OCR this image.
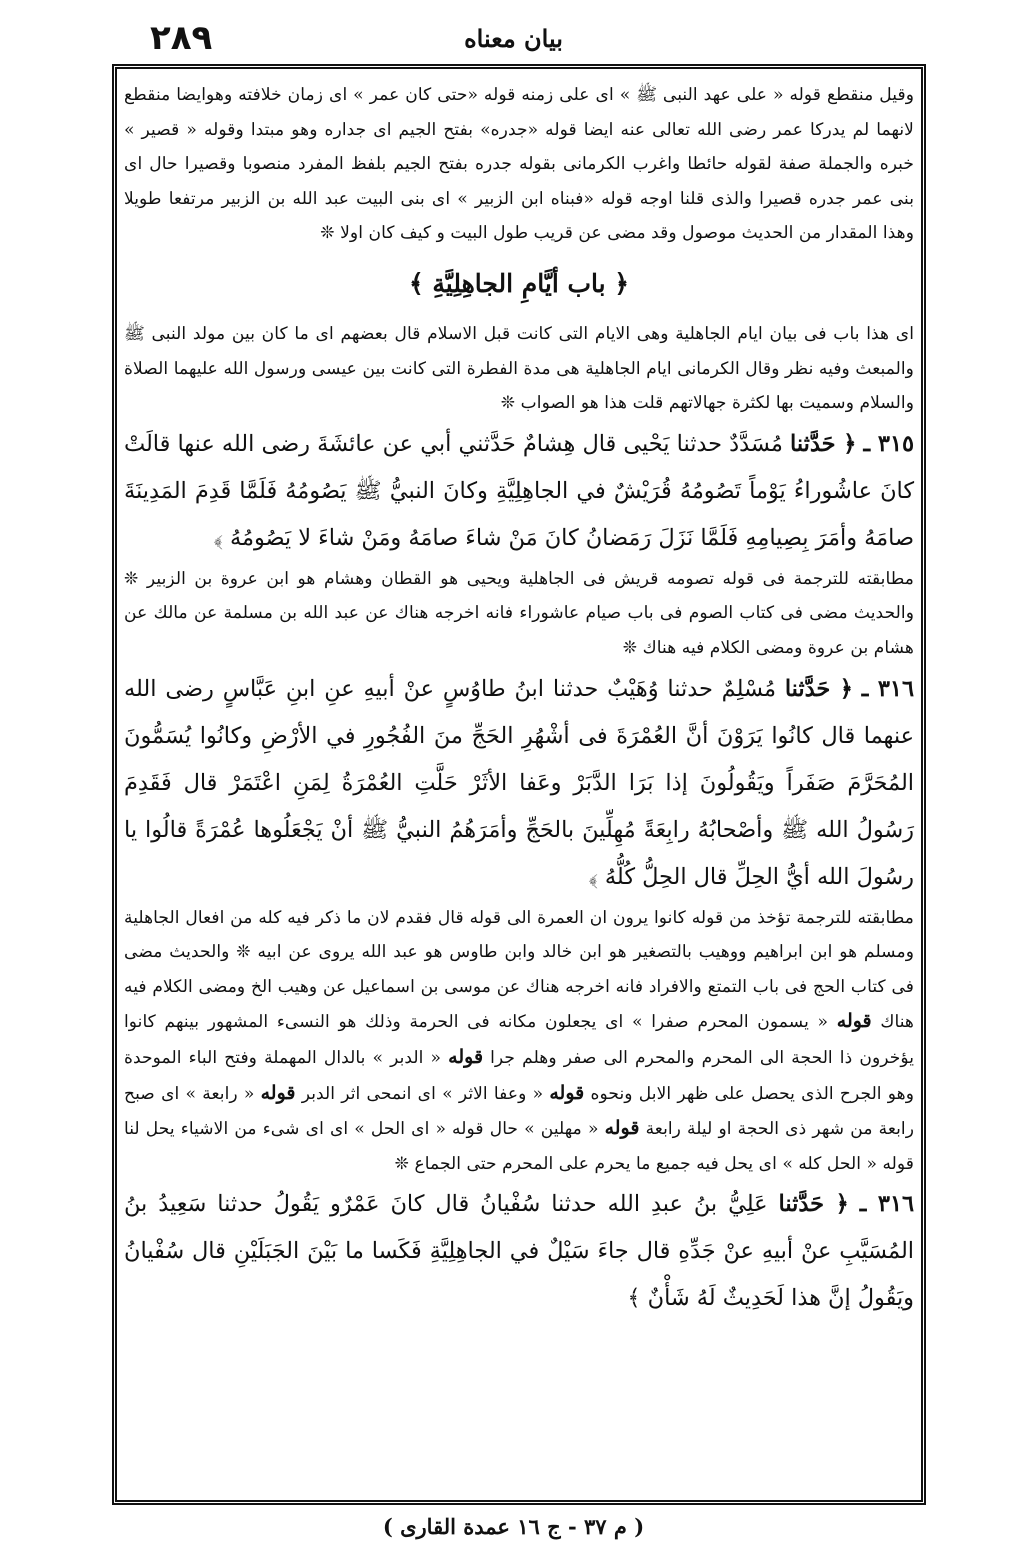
٢٨٩	بيان معناه

وقيل منقطع قوله « على عهد النبى ﷺ » اى على زمنه قوله «حتى كان عمر » اى زمان خلافته وهوايضا منقطع لانهما لم يدركا عمر رضى الله تعالى عنه ايضا قوله «جدره» بفتح الجيم اى جداره وهو مبتدا وقوله « قصير » خبره والجملة صفة لقوله حائطا واغرب الكرمانى بقوله جدره بفتح الجيم بلفظ المفرد منصوبا وقصيرا حال اى بنى عمر جدره قصيرا والذى قلنا اوجه قوله «فبناه ابن الزبير » اى بنى البيت عبد الله بن الزبير مرتفعا طويلا وهذا المقدار من الحديث موصول وقد مضى عن قريب طول البيت و كيف كان اولا ❊

﴿ باب أيَّامِ الجاهِلِيَّةِ ﴾

اى هذا باب فى بيان ايام الجاهلية وهى الايام التى كانت قبل الاسلام قال بعضهم اى ما كان بين مولد النبى ﷺ والمبعث وفيه نظر وقال الكرمانى ايام الجاهلية هى مدة الفطرة التى كانت بين عيسى ورسول الله عليهما الصلاة والسلام وسميت بها لكثرة جهالاتهم قلت هذا هو الصواب ❊

٣١٥ ـ ﴿ حَدَّثنا مُسَدَّدٌ حدثنا يَحْيى قال هِشامٌ حَدَّثني أبي عن عائشَةَ رضى الله عنها قالَتْ كانَ عاشُوراءُ يَوْماً تَصُومُهُ قُرَيْشٌ في الجاهِلِيَّةِ وكانَ النبيُّ ﷺ يَصُومُهُ فَلَمَّا قَدِمَ المَدِينَةَ صامَهُ وأمَرَ بِصِيامِهِ فَلَمَّا نَزَلَ رَمَضانُ كانَ مَنْ شاءَ صامَهُ ومَنْ شاءَ لا يَصُومُهُ ﴾

مطابقته للترجمة فى قوله تصومه قريش فى الجاهلية ويحيى هو القطان وهشام هو ابن عروة بن الزبير ❊ والحديث مضى فى كتاب الصوم فى باب صيام عاشوراء فانه اخرجه هناك عن عبد الله بن مسلمة عن مالك عن هشام بن عروة ومضى الكلام فيه هناك ❊

٣١٦ ـ ﴿ حَدَّثنا مُسْلِمٌ حدثنا وُهَيْبٌ حدثنا ابنُ طاوُسٍ عنْ أبيهِ عنِ ابنِ عَبَّاسٍ رضى الله عنهما قال كانُوا يَرَوْنَ أنَّ العُمْرَةَ فى أشْهُرِ الحَجِّ منَ الفُجُورِ في الأرْضِ وكانُوا يُسَمُّونَ المُحَرَّمَ صَفَراً ويَقُولُونَ إذا بَرَا الدَّبَرْ وعَفا الأثَرْ حَلَّتِ العُمْرَةُ لِمَنِ اعْتَمَرْ قال فَقَدِمَ رَسُولُ الله ﷺ وأصْحابُهُ رابِعَةً مُهِلِّينَ بالحَجِّ وأمَرَهُمُ النبيُّ ﷺ أنْ يَجْعَلُوها عُمْرَةً قالُوا يا رسُولَ الله أيُّ الحِلِّ قال الحِلُّ كُلُّهُ ﴾

مطابقته للترجمة تؤخذ من قوله كانوا يرون ان العمرة الى قوله قال فقدم لان ما ذكر فيه كله من افعال الجاهلية ومسلم هو ابن ابراهيم ووهيب بالتصغير هو ابن خالد وابن طاوس هو عبد الله يروى عن ابيه ❊ والحديث مضى فى كتاب الحج فى باب التمتع والافراد فانه اخرجه هناك عن موسى بن اسماعيل عن وهيب الخ ومضى الكلام فيه هناك قوله « يسمون المحرم صفرا » اى يجعلون مكانه فى الحرمة وذلك هو النسىء المشهور بينهم كانوا يؤخرون ذا الحجة الى المحرم والمحرم الى صفر وهلم جرا قوله « الدبر » بالدال المهملة وفتح الباء الموحدة وهو الجرح الذى يحصل على ظهر الابل ونحوه قوله « وعفا الاثر » اى انمحى اثر الدبر قوله « رابعة » اى صبح رابعة من شهر ذى الحجة او ليلة رابعة قوله « مهلين » حال قوله « اى الحل » اى اى شىء من الاشياء يحل لنا قوله « الحل كله » اى يحل فيه جميع ما يحرم على المحرم حتى الجماع ❊

٣١٦ ـ ﴿ حَدَّثنا عَلِيُّ بنُ عبدِ الله حدثنا سُفْيانُ قال كانَ عَمْرٌو يَقُولُ حدثنا سَعِيدُ بنُ المُسَيَّبِ عنْ أبيهِ عنْ جَدِّهِ قال جاءَ سَيْلٌ في الجاهِلِيَّةِ فَكَسا ما بَيْنَ الجَبَلَيْنِ قال سُفْيانُ ويَقُولُ إنَّ هذا لَحَدِيثٌ لَهُ شَأْنٌ ﴾

( م ٣٧ - ج ١٦ عمدة القارى )
